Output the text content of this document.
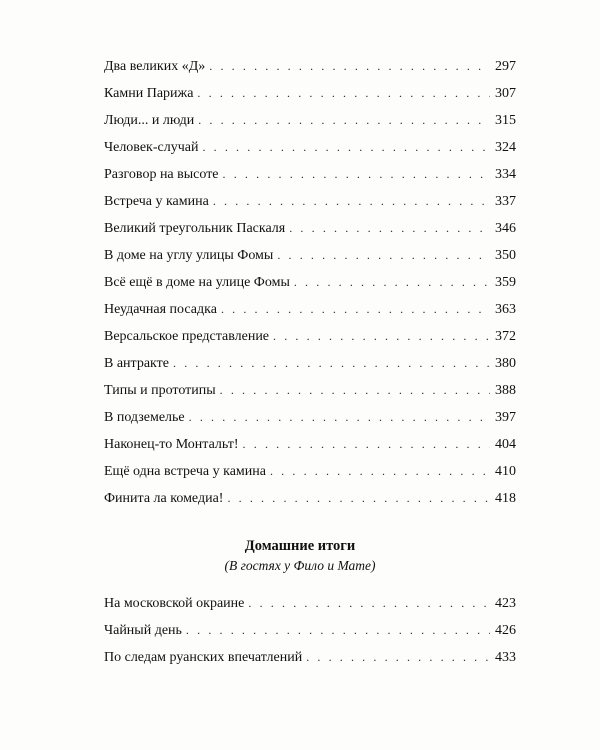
Два великих «Д» . . .	297
Камни Парижа . . .	307
Люди... и люди . . .	315
Человек-случай . . .	324
Разговор на высоте . . .	334
Встреча у камина . . .	337
Великий треугольник Паскаля . . .	346
В доме на углу улицы Фомы . . .	350
Всё ещё в доме на улице Фомы . . .	359
Неудачная посадка . . .	363
Версальское представление . . .	372
В антракте . . .	380
Типы и прототипы . . .	388
В подземелье . . .	397
Наконец-то Монтальт! . . .	404
Ещё одна встреча у камина . . .	410
Финита ла комедиа! . . .	418
Домашние итоги
(В гостях у Фило и Мате)
На московской окраине . . .	423
Чайный день . . .	426
По следам руанских впечатлений . . .	433
